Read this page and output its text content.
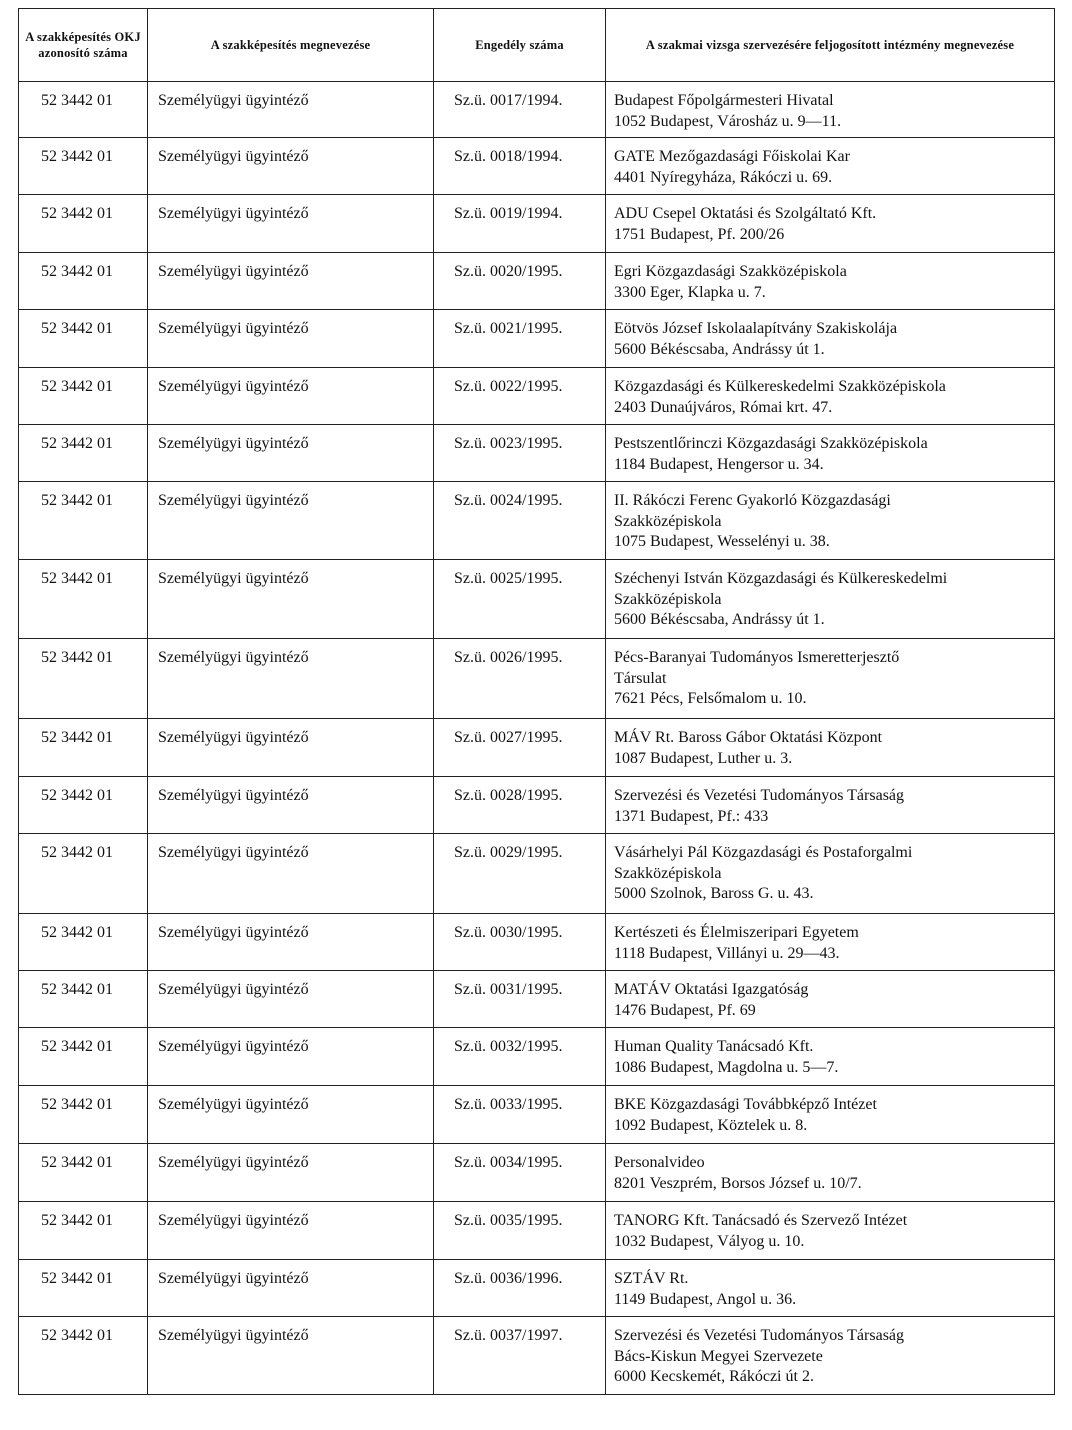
A szakképesítés OKJ azonosító száma	A szakképesítés megnevezése	Engedély száma	A szakmai vizsga szervezésére feljogosított intézmény megnevezése
52 3442 01	Személyügyi ügyintéző	Sz.ü. 0017/1994.	Budapest Főpolgármesteri Hivatal
1052 Budapest, Városház u. 9—11.

52 3442 01	Személyügyi ügyintéző	Sz.ü. 0018/1994.	GATE Mezőgazdasági Főiskolai Kar
4401 Nyíregyháza, Rákóczi u. 69.

52 3442 01	Személyügyi ügyintéző	Sz.ü. 0019/1994.	ADU Csepel Oktatási és Szolgáltató Kft.
1751 Budapest, Pf. 200/26

52 3442 01	Személyügyi ügyintéző	Sz.ü. 0020/1995.	Egri Közgazdasági Szakközépiskola
3300 Eger, Klapka u. 7.

52 3442 01	Személyügyi ügyintéző	Sz.ü. 0021/1995.	Eötvös József Iskolaalapítvány Szakiskolája
5600 Békéscsaba, Andrássy út 1.

52 3442 01	Személyügyi ügyintéző	Sz.ü. 0022/1995.	Közgazdasági és Külkereskedelmi Szakközépiskola
2403 Dunaújváros, Római krt. 47.

52 3442 01	Személyügyi ügyintéző	Sz.ü. 0023/1995.	Pestszentlőrinczi Közgazdasági Szakközépiskola
1184 Budapest, Hengersor u. 34.

52 3442 01	Személyügyi ügyintéző	Sz.ü. 0024/1995.	II. Rákóczi Ferenc Gyakorló Közgazdasági
Szakközépiskola
1075 Budapest, Wesselényi u. 38.

52 3442 01	Személyügyi ügyintéző	Sz.ü. 0025/1995.	Széchenyi István Közgazdasági és Külkereskedelmi
Szakközépiskola
5600 Békéscsaba, Andrássy út 1.

52 3442 01	Személyügyi ügyintéző	Sz.ü. 0026/1995.	Pécs-Baranyai Tudományos Ismeretterjesztő
Társulat
7621 Pécs, Felsőmalom u. 10.

52 3442 01	Személyügyi ügyintéző	Sz.ü. 0027/1995.	MÁV Rt. Baross Gábor Oktatási Központ
1087 Budapest, Luther u. 3.

52 3442 01	Személyügyi ügyintéző	Sz.ü. 0028/1995.	Szervezési és Vezetési Tudományos Társaság
1371 Budapest, Pf.: 433

52 3442 01	Személyügyi ügyintéző	Sz.ü. 0029/1995.	Vásárhelyi Pál Közgazdasági és Postaforgalmi
Szakközépiskola
5000 Szolnok, Baross G. u. 43.

52 3442 01	Személyügyi ügyintéző	Sz.ü. 0030/1995.	Kertészeti és Élelmiszeripari Egyetem
1118 Budapest, Villányi u. 29—43.

52 3442 01	Személyügyi ügyintéző	Sz.ü. 0031/1995.	MATÁV Oktatási Igazgatóság
1476 Budapest, Pf. 69

52 3442 01	Személyügyi ügyintéző	Sz.ü. 0032/1995.	Human Quality Tanácsadó Kft.
1086 Budapest, Magdolna u. 5—7.

52 3442 01	Személyügyi ügyintéző	Sz.ü. 0033/1995.	BKE Közgazdasági Továbbképző Intézet
1092 Budapest, Köztelek u. 8.

52 3442 01	Személyügyi ügyintéző	Sz.ü. 0034/1995.	Personalvideo
8201 Veszprém, Borsos József u. 10/7.

52 3442 01	Személyügyi ügyintéző	Sz.ü. 0035/1995.	TANORG Kft. Tanácsadó és Szervező Intézet
1032 Budapest, Vályog u. 10.

52 3442 01	Személyügyi ügyintéző	Sz.ü. 0036/1996.	SZTÁV Rt.
1149 Budapest, Angol u. 36.

52 3442 01	Személyügyi ügyintéző	Sz.ü. 0037/1997.	Szervezési és Vezetési Tudományos Társaság
Bács-Kiskun Megyei Szervezete
6000 Kecskemét, Rákóczi út 2.
